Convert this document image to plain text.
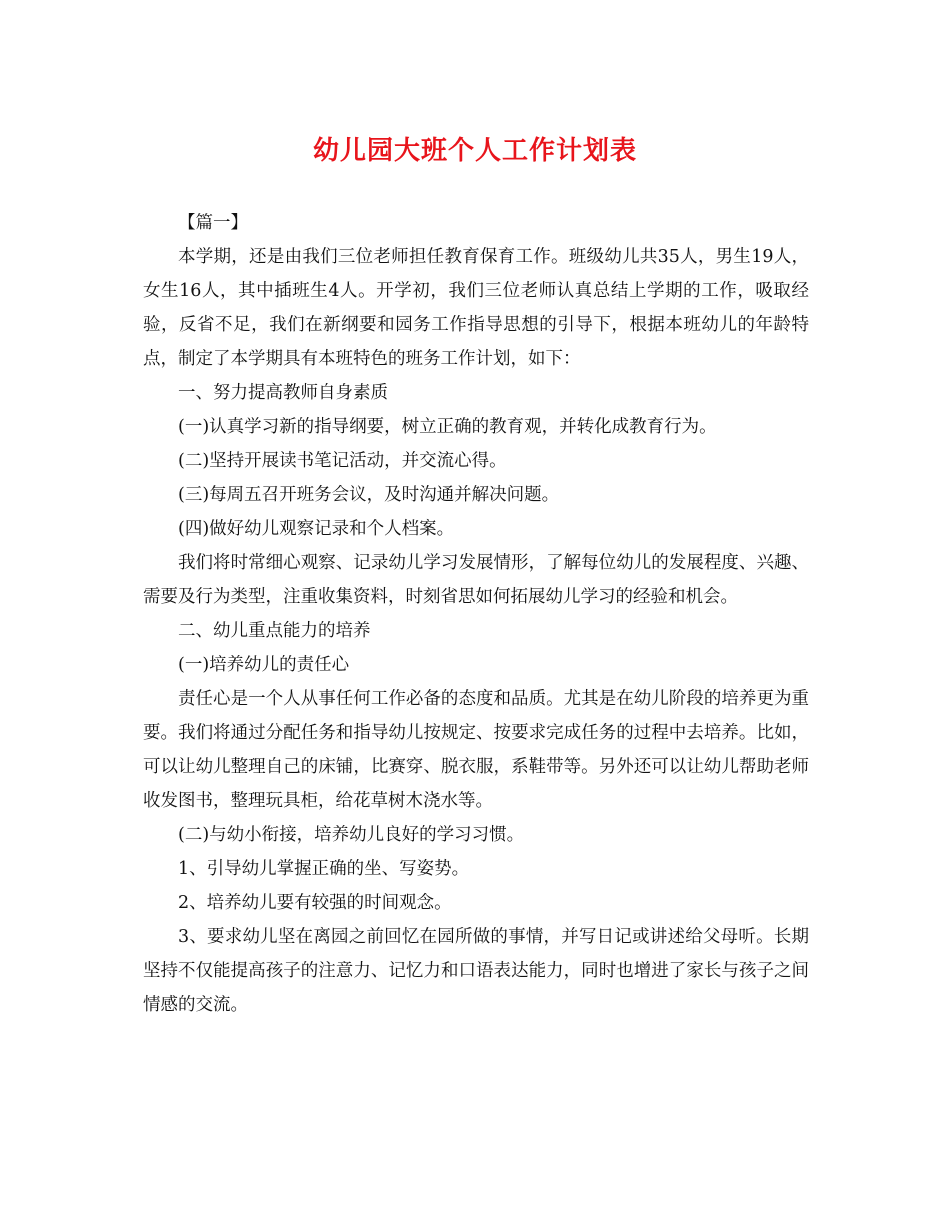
幼儿园大班个人工作计划表

【篇一】

本学期，还是由我们三位老师担任教育保育工作。班级幼儿共35人，男生19人，女生16人，其中插班生4人。开学初，我们三位老师认真总结上学期的工作，吸取经验，反省不足，我们在新纲要和园务工作指导思想的引导下，根据本班幼儿的年龄特点，制定了本学期具有本班特色的班务工作计划，如下：

一、努力提高教师自身素质

(一)认真学习新的指导纲要，树立正确的教育观，并转化成教育行为。

(二)坚持开展读书笔记活动，并交流心得。

(三)每周五召开班务会议，及时沟通并解决问题。

(四)做好幼儿观察记录和个人档案。

我们将时常细心观察、记录幼儿学习发展情形，了解每位幼儿的发展程度、兴趣、需要及行为类型，注重收集资料，时刻省思如何拓展幼儿学习的经验和机会。

二、幼儿重点能力的培养

(一)培养幼儿的责任心

责任心是一个人从事任何工作必备的态度和品质。尤其是在幼儿阶段的培养更为重要。我们将通过分配任务和指导幼儿按规定、按要求完成任务的过程中去培养。比如，可以让幼儿整理自己的床铺，比赛穿、脱衣服，系鞋带等。另外还可以让幼儿帮助老师收发图书，整理玩具柜，给花草树木浇水等。

(二)与幼小衔接，培养幼儿良好的学习习惯。

1、引导幼儿掌握正确的坐、写姿势。

2、培养幼儿要有较强的时间观念。

3、要求幼儿坚在离园之前回忆在园所做的事情，并写日记或讲述给父母听。长期坚持不仅能提高孩子的注意力、记忆力和口语表达能力，同时也增进了家长与孩子之间情感的交流。
